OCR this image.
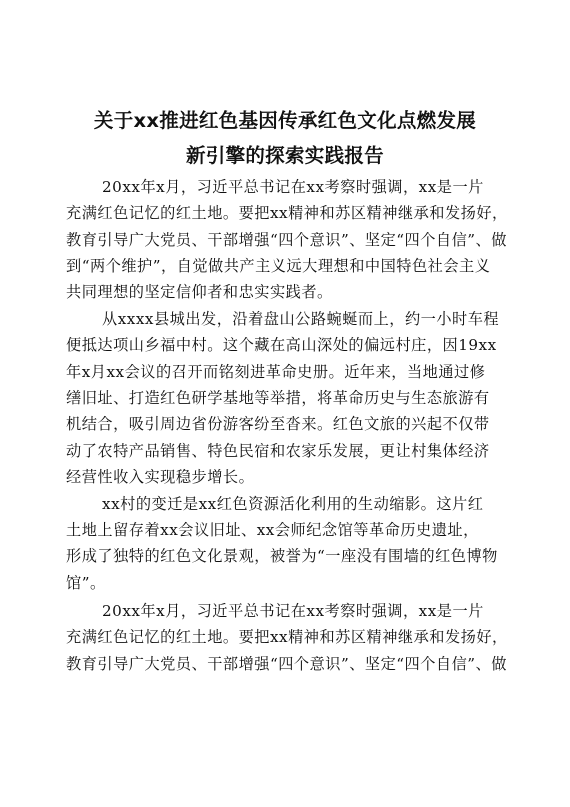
关于xx推进红色基因传承红色文化点燃发展
新引擎的探索实践报告
20xx年x月，习近平总书记在xx考察时强调，xx是一片
充满红色记忆的红土地。要把xx精神和苏区精神继承和发扬好，
教育引导广大党员、干部增强“四个意识”、坚定“四个自信”、做
到“两个维护”，自觉做共产主义远大理想和中国特色社会主义
共同理想的坚定信仰者和忠实实践者。
从xxxx县城出发，沿着盘山公路蜿蜒而上，约一小时车程
便抵达项山乡福中村。这个藏在高山深处的偏远村庄，因19xx
年x月xx会议的召开而铭刻进革命史册。近年来，当地通过修
缮旧址、打造红色研学基地等举措，将革命历史与生态旅游有
机结合，吸引周边省份游客纷至沓来。红色文旅的兴起不仅带
动了农特产品销售、特色民宿和农家乐发展，更让村集体经济
经营性收入实现稳步增长。
xx村的变迁是xx红色资源活化利用的生动缩影。这片红
土地上留存着xx会议旧址、xx会师纪念馆等革命历史遗址，
形成了独特的红色文化景观，被誉为“一座没有围墙的红色博物
馆”。
20xx年x月，习近平总书记在xx考察时强调，xx是一片
充满红色记忆的红土地。要把xx精神和苏区精神继承和发扬好，
教育引导广大党员、干部增强“四个意识”、坚定“四个自信”、做
